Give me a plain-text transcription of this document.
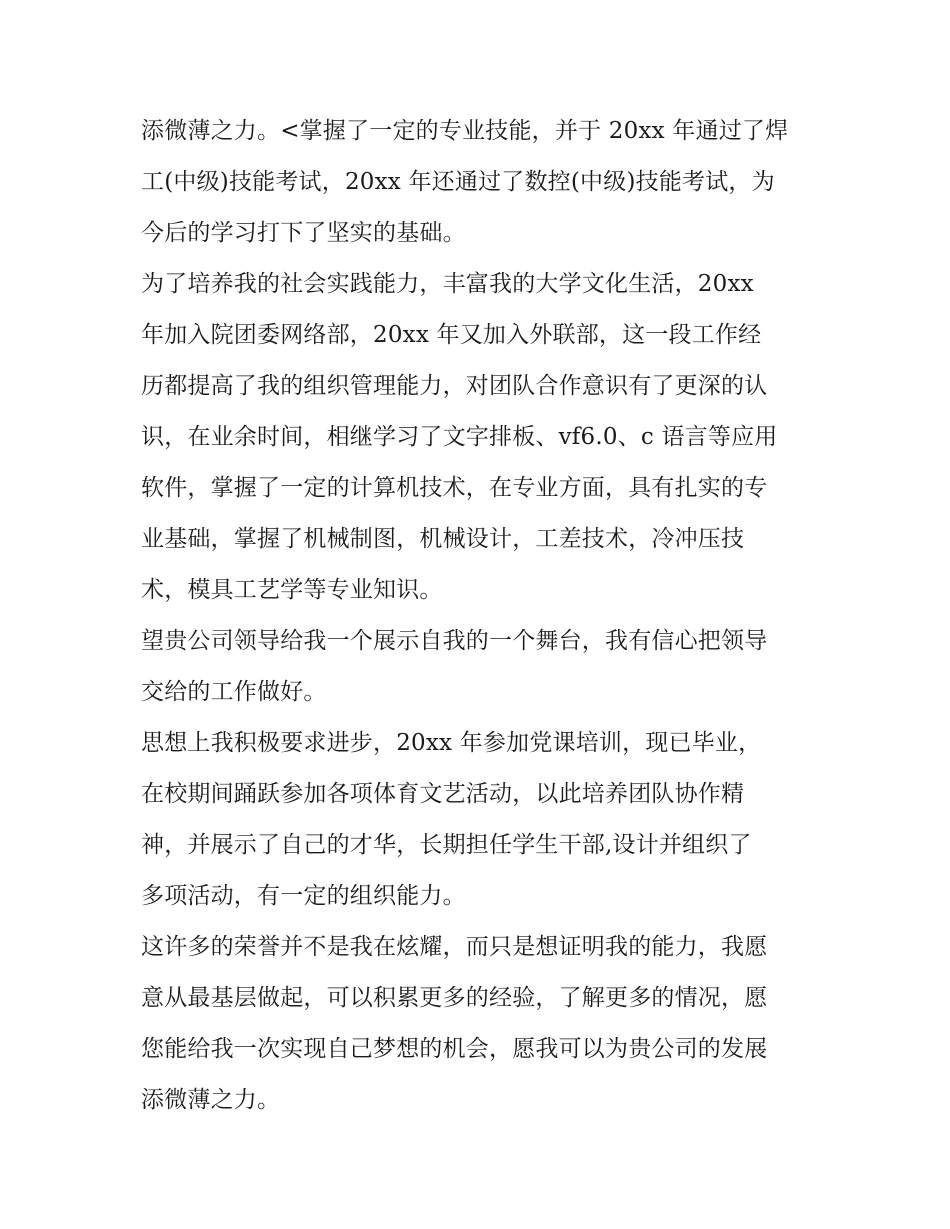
添微薄之力。<掌握了一定的专业技能，并于 20xx 年通过了焊
工(中级)技能考试，20xx 年还通过了数控(中级)技能考试，为
今后的学习打下了坚实的基础。
为了培养我的社会实践能力，丰富我的大学文化生活，20xx
年加入院团委网络部，20xx 年又加入外联部，这一段工作经
历都提高了我的组织管理能力，对团队合作意识有了更深的认
识，在业余时间，相继学习了文字排板、vf6.0、c 语言等应用
软件，掌握了一定的计算机技术，在专业方面，具有扎实的专
业基础，掌握了机械制图，机械设计，工差技术，冷冲压技
术，模具工艺学等专业知识。
望贵公司领导给我一个展示自我的一个舞台，我有信心把领导
交给的工作做好。
思想上我积极要求进步，20xx 年参加党课培训，现已毕业，
在校期间踊跃参加各项体育文艺活动，以此培养团队协作精
神，并展示了自己的才华，长期担任学生干部,设计并组织了
多项活动，有一定的组织能力。
这许多的荣誉并不是我在炫耀，而只是想证明我的能力，我愿
意从最基层做起，可以积累更多的经验，了解更多的情况，愿
您能给我一次实现自己梦想的机会，愿我可以为贵公司的发展
添微薄之力。
